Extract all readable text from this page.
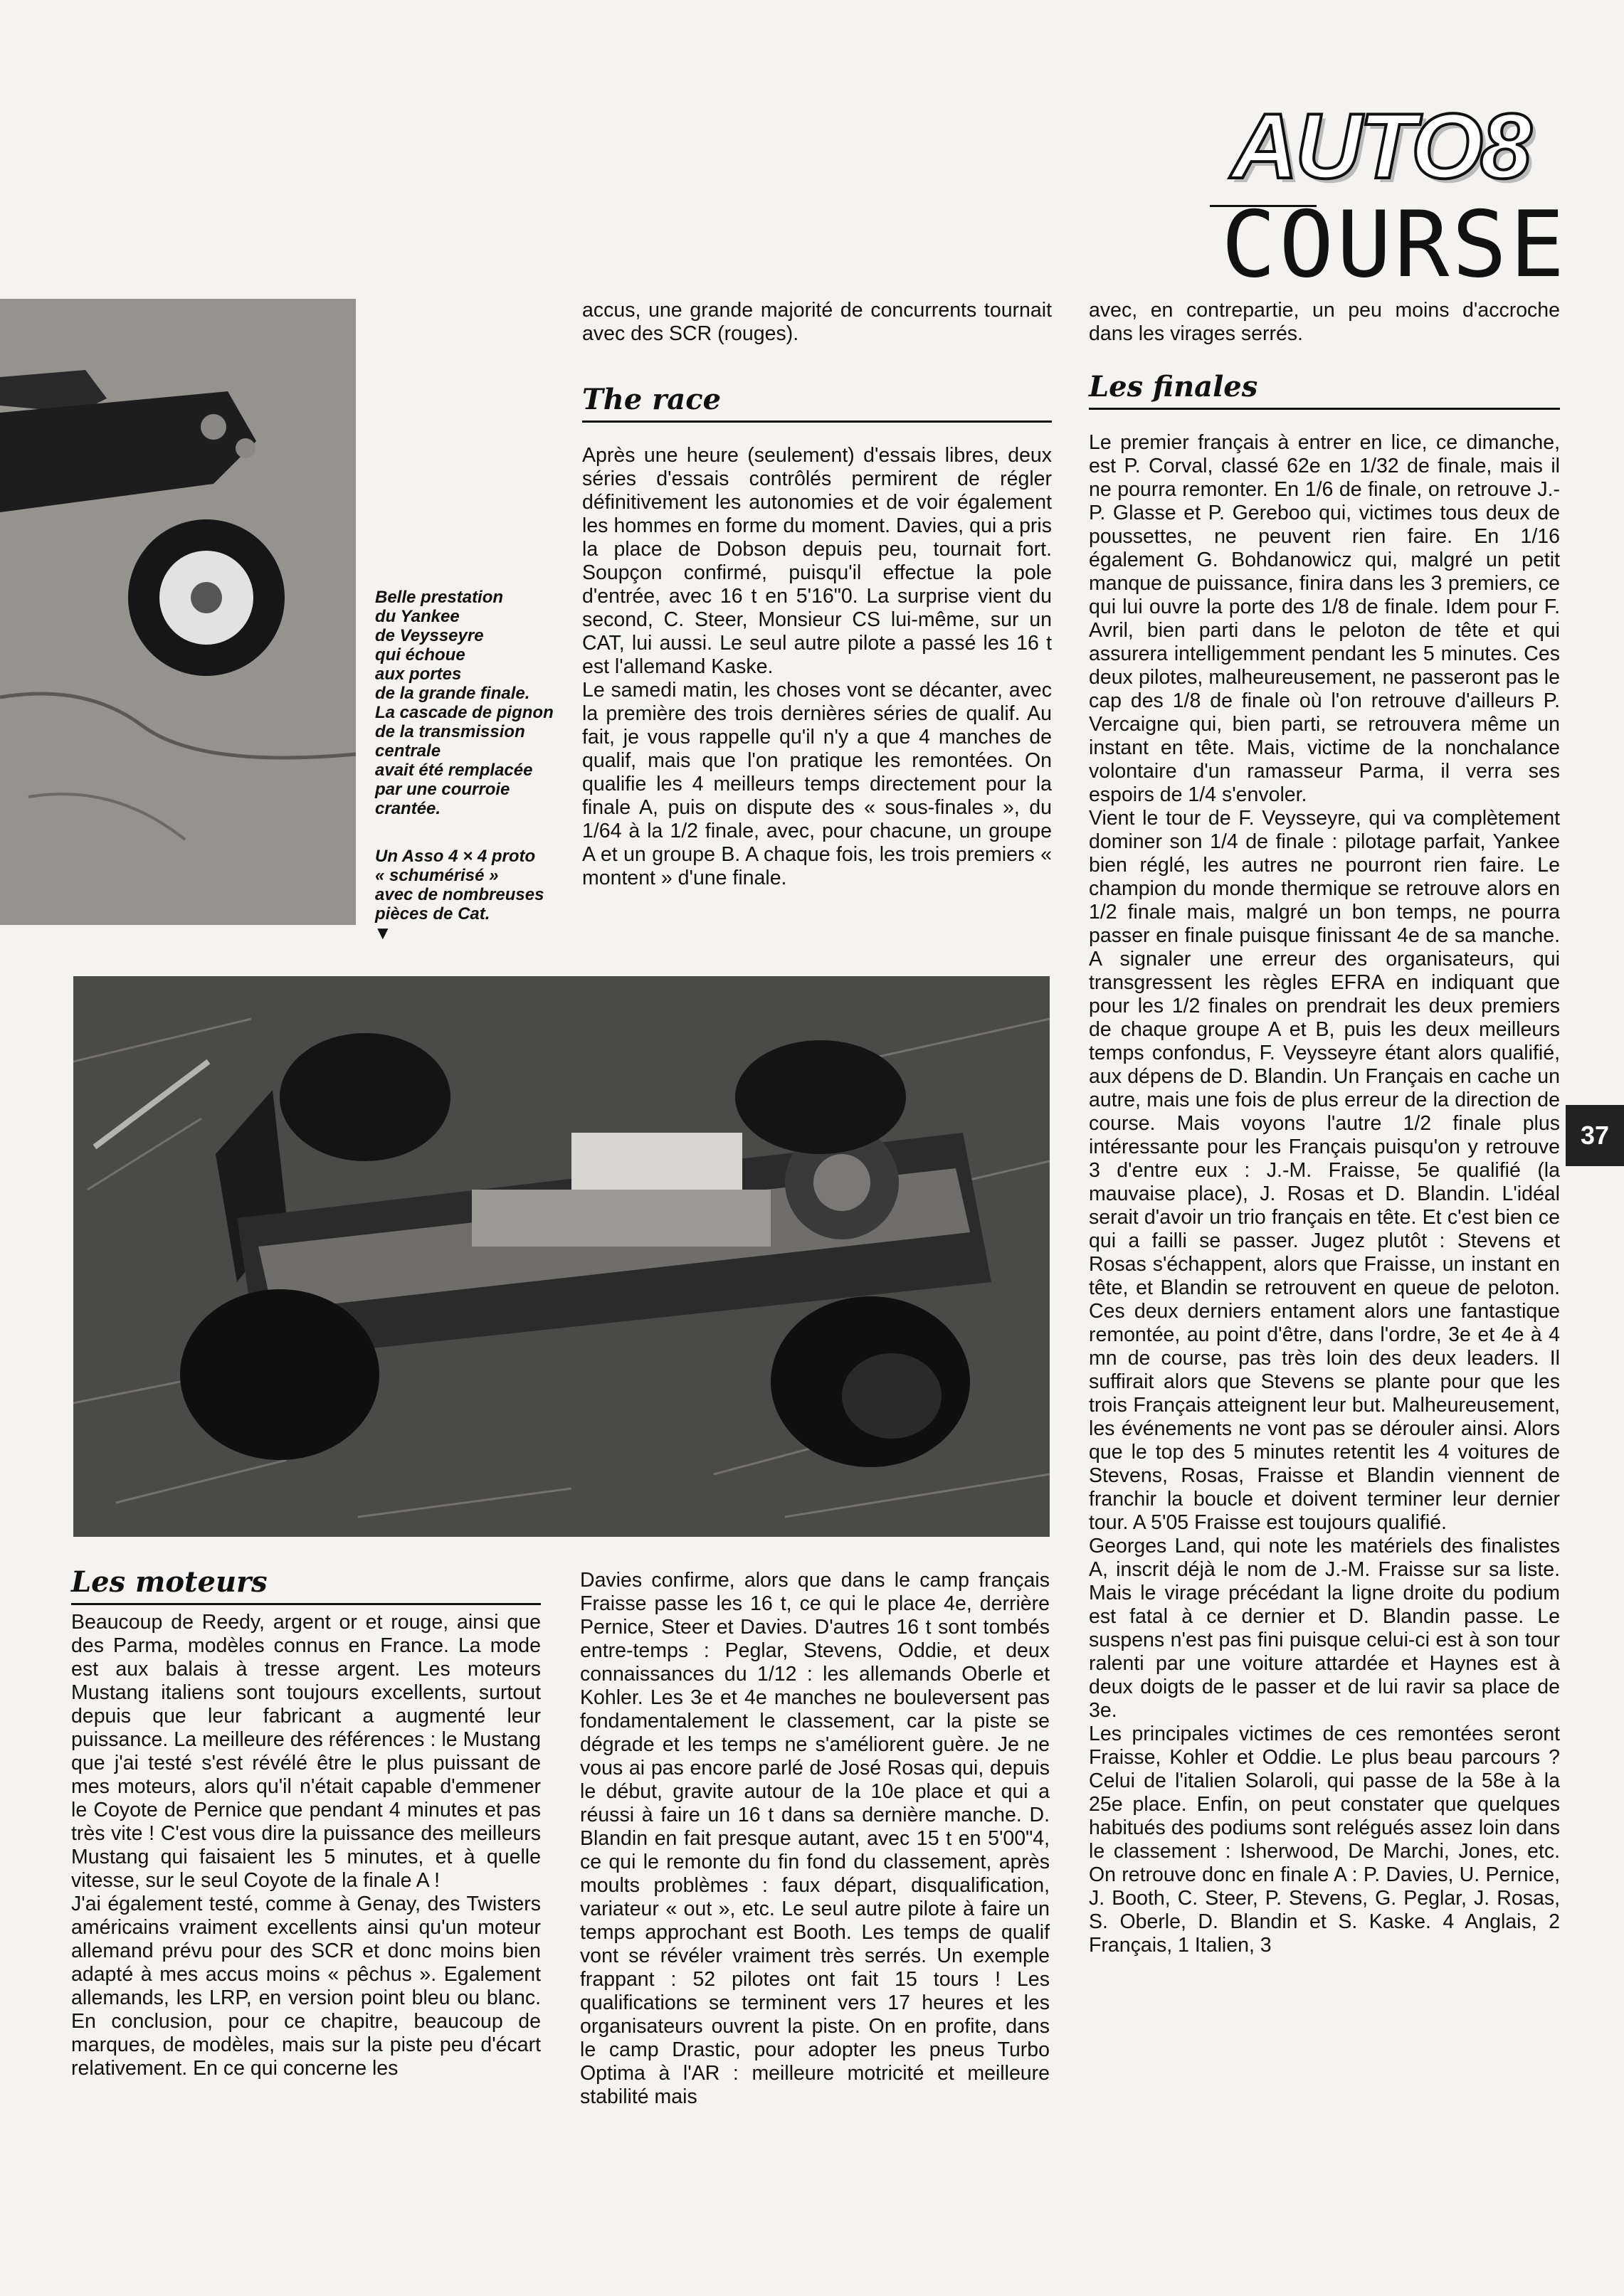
AUTO8
COURSE

Belle prestation

du Yankee

de Veysseyre

qui échoue

aux portes

de la grande finale.

La cascade de pignon

de la transmission

centrale

avait été remplacée

par une courroie

crantée.

Un Asso 4 × 4 proto

« schumérisé »

avec de nombreuses

pièces de Cat.

▼

accus, une grande majorité de concurrents tournait avec des SCR (rouges).
The race

Après une heure (seulement) d'essais libres, deux séries d'essais contrôlés permirent de régler définitivement les autonomies et de voir également les hommes en forme du moment. Davies, qui a pris la place de Dobson depuis peu, tournait fort. Soupçon confirmé, puisqu'il effectue la pole d'entrée, avec 16 t en 5'16"0. La surprise vient du second, C. Steer, Monsieur CS lui-même, sur un CAT, lui aussi. Le seul autre pilote a passé les 16 t est l'allemand Kaske.

Le samedi matin, les choses vont se décanter, avec la première des trois dernières séries de qualif. Au fait, je vous rappelle qu'il n'y a que 4 manches de qualif, mais que l'on pratique les remontées. On qualifie les 4 meilleurs temps directement pour la finale A, puis on dispute des « sous-finales », du 1/64 à la 1/2 finale, avec, pour chacune, un groupe A et un groupe B. A chaque fois, les trois premiers « montent » d'une finale.

avec, en contrepartie, un peu moins d'accroche dans les virages serrés.
Les finales

Le premier français à entrer en lice, ce dimanche, est P. Corval, classé 62e en 1/32 de finale, mais il ne pourra remonter. En 1/6 de finale, on retrouve J.-P. Glasse et P. Gereboo qui, victimes tous deux de poussettes, ne peuvent rien faire. En 1/16 également G. Bohdanowicz qui, malgré un petit manque de puissance, finira dans les 3 premiers, ce qui lui ouvre la porte des 1/8 de finale. Idem pour F. Avril, bien parti dans le peloton de tête et qui assurera intelligemment pendant les 5 minutes. Ces deux pilotes, malheureusement, ne passeront pas le cap des 1/8 de finale où l'on retrouve d'ailleurs P. Vercaigne qui, bien parti, se retrouvera même un instant en tête. Mais, victime de la nonchalance volontaire d'un ramasseur Parma, il verra ses espoirs de 1/4 s'envoler.

Vient le tour de F. Veysseyre, qui va complètement dominer son 1/4 de finale : pilotage parfait, Yankee bien réglé, les autres ne pourront rien faire. Le champion du monde thermique se retrouve alors en 1/2 finale mais, malgré un bon temps, ne pourra passer en finale puisque finissant 4e de sa manche. A signaler une erreur des organisateurs, qui transgressent les règles EFRA en indiquant que pour les 1/2 finales on prendrait les deux premiers de chaque groupe A et B, puis les deux meilleurs temps confondus, F. Veysseyre étant alors qualifié, aux dépens de D. Blandin. Un Français en cache un autre, mais une fois de plus erreur de la direction de course. Mais voyons l'autre 1/2 finale plus intéressante pour les Français puisqu'on y retrouve 3 d'entre eux : J.-M. Fraisse, 5e qualifié (la mauvaise place), J. Rosas et D. Blandin. L'idéal serait d'avoir un trio français en tête. Et c'est bien ce qui a failli se passer. Jugez plutôt : Stevens et Rosas s'échappent, alors que Fraisse, un instant en tête, et Blandin se retrouvent en queue de peloton. Ces deux derniers entament alors une fantastique remontée, au point d'être, dans l'ordre, 3e et 4e à 4 mn de course, pas très loin des deux leaders. Il suffirait alors que Stevens se plante pour que les trois Français atteignent leur but. Malheureusement, les événements ne vont pas se dérouler ainsi. Alors que le top des 5 minutes retentit les 4 voitures de Stevens, Rosas, Fraisse et Blandin viennent de franchir la boucle et doivent terminer leur dernier tour. A 5'05 Fraisse est toujours qualifié.

Georges Land, qui note les matériels des finalistes A, inscrit déjà le nom de J.-M. Fraisse sur sa liste. Mais le virage précédant la ligne droite du podium est fatal à ce dernier et D. Blandin passe. Le suspens n'est pas fini puisque celui-ci est à son tour ralenti par une voiture attardée et Haynes est à deux doigts de le passer et de lui ravir sa place de 3e.

Les principales victimes de ces remontées seront Fraisse, Kohler et Oddie. Le plus beau parcours ? Celui de l'italien Solaroli, qui passe de la 58e à la 25e place. Enfin, on peut constater que quelques habitués des podiums sont relégués assez loin dans le classement : Isherwood, De Marchi, Jones, etc. On retrouve donc en finale A : P. Davies, U. Pernice, J. Booth, C. Steer, P. Stevens, G. Peglar, J. Rosas, S. Oberle, D. Blandin et S. Kaske. 4 Anglais, 2 Français, 1 Italien, 3

Les moteurs

Beaucoup de Reedy, argent or et rouge, ainsi que des Parma, modèles connus en France. La mode est aux balais à tresse argent. Les moteurs Mustang italiens sont toujours excellents, surtout depuis que leur fabricant a augmenté leur puissance. La meilleure des références : le Mustang que j'ai testé s'est révélé être le plus puissant de mes moteurs, alors qu'il n'était capable d'emmener le Coyote de Pernice que pendant 4 minutes et pas très vite ! C'est vous dire la puissance des meilleurs Mustang qui faisaient les 5 minutes, et à quelle vitesse, sur le seul Coyote de la finale A !

J'ai également testé, comme à Genay, des Twisters américains vraiment excellents ainsi qu'un moteur allemand prévu pour des SCR et donc moins bien adapté à mes accus moins « pêchus ». Egalement allemands, les LRP, en version point bleu ou blanc. En conclusion, pour ce chapitre, beaucoup de marques, de modèles, mais sur la piste peu d'écart relativement. En ce qui concerne les

Davies confirme, alors que dans le camp français Fraisse passe les 16 t, ce qui le place 4e, derrière Pernice, Steer et Davies. D'autres 16 t sont tombés entre-temps : Peglar, Stevens, Oddie, et deux connaissances du 1/12 : les allemands Oberle et Kohler. Les 3e et 4e manches ne bouleversent pas fondamentalement le classement, car la piste se dégrade et les temps ne s'améliorent guère. Je ne vous ai pas encore parlé de José Rosas qui, depuis le début, gravite autour de la 10e place et qui a réussi à faire un 16 t dans sa dernière manche. D. Blandin en fait presque autant, avec 15 t en 5'00"4, ce qui le remonte du fin fond du classement, après moults problèmes : faux départ, disqualification, variateur « out », etc. Le seul autre pilote à faire un temps approchant est Booth. Les temps de qualif vont se révéler vraiment très serrés. Un exemple frappant : 52 pilotes ont fait 15 tours ! Les qualifications se terminent vers 17 heures et les organisateurs ouvrent la piste. On en profite, dans le camp Drastic, pour adopter les pneus Turbo Optima à l'AR : meilleure motricité et meilleure stabilité mais
37
